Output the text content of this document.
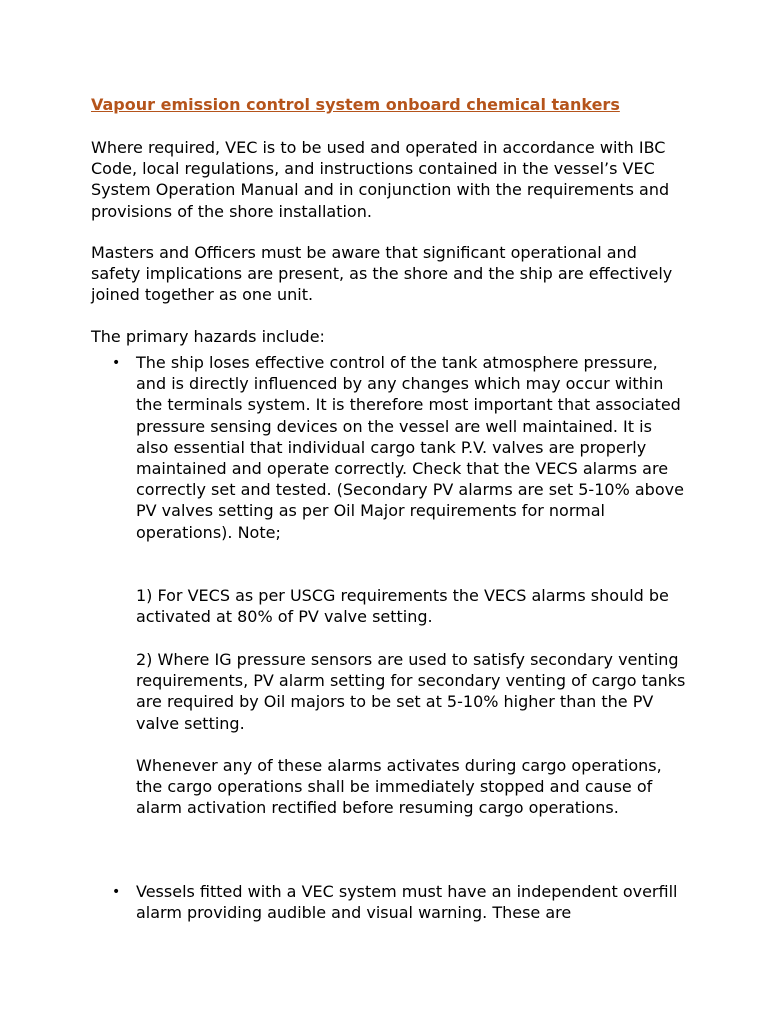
Vapour emission control system onboard chemical tankers

Where required, VEC is to be used and operated in accordance with IBC Code, local regulations, and instructions contained in the vessel’s VEC System Operation Manual and in conjunction with the requirements and provisions of the shore installation.

Masters and Officers must be aware that significant operational and safety implications are present, as the shore and the ship are effectively joined together as one unit.

The primary hazards include:

• The ship loses effective control of the tank atmosphere pressure, and is directly influenced by any changes which may occur within the terminals system. It is therefore most important that associated pressure sensing devices on the vessel are well maintained. It is also essential that individual cargo tank P.V. valves are properly maintained and operate correctly. Check that the VECS alarms are correctly set and tested. (Secondary PV alarms are set 5-10% above PV valves setting as per Oil Major requirements for normal operations). Note;

1) For VECS as per USCG requirements the VECS alarms should be activated at 80% of PV valve setting.

2) Where IG pressure sensors are used to satisfy secondary venting requirements, PV alarm setting for secondary venting of cargo tanks are required by Oil majors to be set at 5-10% higher than the PV valve setting.

Whenever any of these alarms activates during cargo operations, the cargo operations shall be immediately stopped and cause of alarm activation rectified before resuming cargo operations.

• Vessels fitted with a VEC system must have an independent overfill alarm providing audible and visual warning. These are
